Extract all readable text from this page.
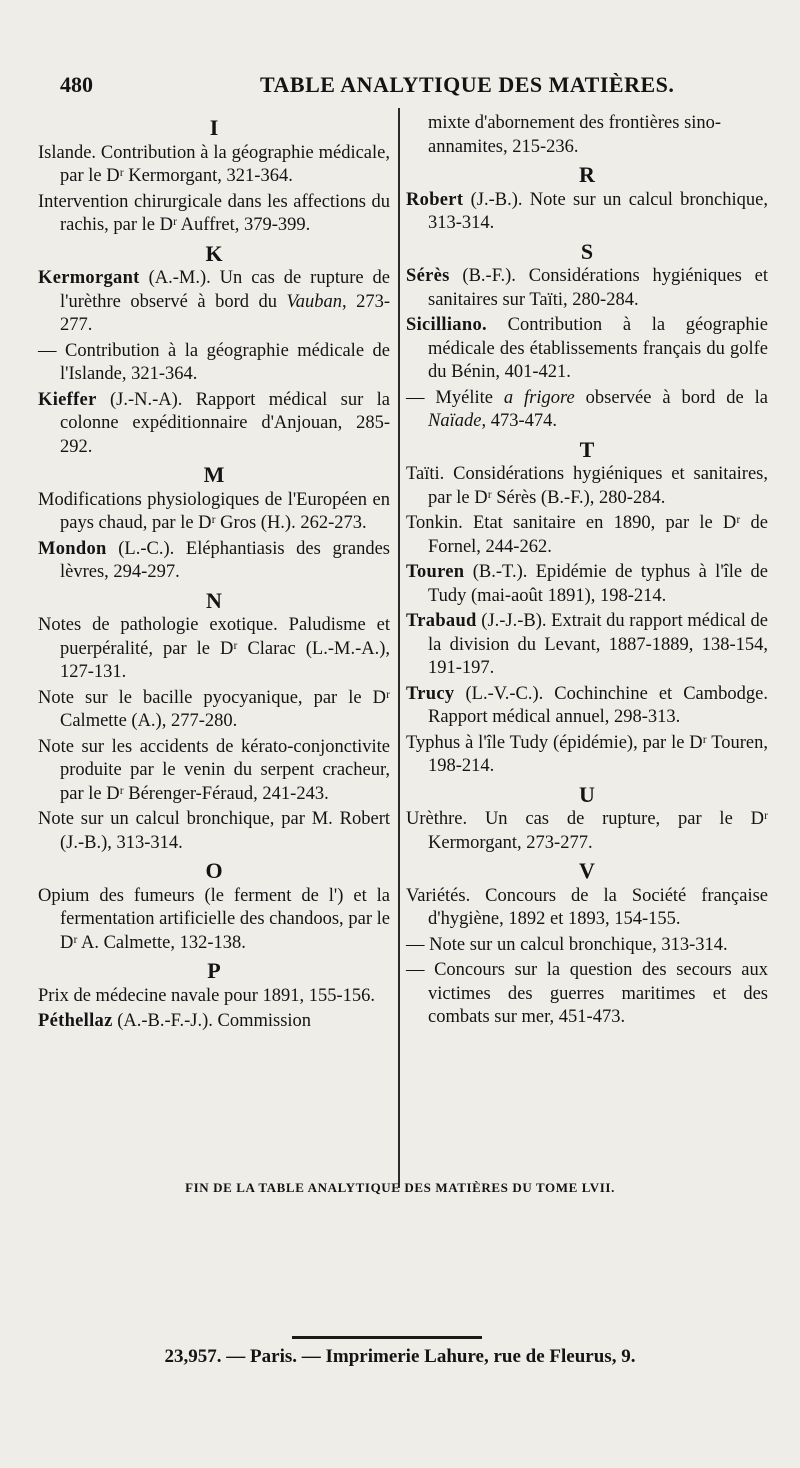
480	TABLE ANALYTIQUE DES MATIÈRES.
I
Islande. Contribution à la géographie médicale, par le Dʳ Kermorgant, 321-364.
Intervention chirurgicale dans les affections du rachis, par le Dʳ Auffret, 379-399.
K
Kermorgant (A.-M.). Un cas de rupture de l'urèthre observé à bord du Vauban, 273-277.
— Contribution à la géographie médicale de l'Islande, 321-364.
Kieffer (J.-N.-A). Rapport médical sur la colonne expéditionnaire d'Anjouan, 285-292.
M
Modifications physiologiques de l'Européen en pays chaud, par le Dʳ Gros (H.). 262-273.
Mondon (L.-C.). Eléphantiasis des grandes lèvres, 294-297.
N
Notes de pathologie exotique. Paludisme et puerpéralité, par le Dʳ Clarac (L.-M.-A.), 127-131.
Note sur le bacille pyocyanique, par le Dʳ Calmette (A.), 277-280.
Note sur les accidents de kérato-conjonctivite produite par le venin du serpent cracheur, par le Dʳ Bérenger-Féraud, 241-243.
Note sur un calcul bronchique, par M. Robert (J.-B.), 313-314.
O
Opium des fumeurs (le ferment de l') et la fermentation artificielle des chandoos, par le Dʳ A. Calmette, 132-138.
P
Prix de médecine navale pour 1891, 155-156.
Péthellaz (A.-B.-F.-J.). Commission
mixte d'abornement des frontières sino-annamites, 215-236.
R
Robert (J.-B.). Note sur un calcul bronchique, 313-314.
S
Sérès (B.-F.). Considérations hygiéniques et sanitaires sur Taïti, 280-284.
Sicilliano. Contribution à la géographie médicale des établissements français du golfe du Bénin, 401-421.
— Myélite a frigore observée à bord de la Naïade, 473-474.
T
Taïti. Considérations hygiéniques et sanitaires, par le Dʳ Sérès (B.-F.), 280-284.
Tonkin. Etat sanitaire en 1890, par le Dʳ de Fornel, 244-262.
Touren (B.-T.). Epidémie de typhus à l'île de Tudy (mai-août 1891), 198-214.
Trabaud (J.-J.-B). Extrait du rapport médical de la division du Levant, 1887-1889, 138-154, 191-197.
Trucy (L.-V.-C.). Cochinchine et Cambodge. Rapport médical annuel, 298-313.
Typhus à l'île Tudy (épidémie), par le Dʳ Touren, 198-214.
U
Urèthre. Un cas de rupture, par le Dʳ Kermorgant, 273-277.
V
Variétés. Concours de la Société française d'hygiène, 1892 et 1893, 154-155.
— Note sur un calcul bronchique, 313-314.
— Concours sur la question des secours aux victimes des guerres maritimes et des combats sur mer, 451-473.
FIN DE LA TABLE ANALYTIQUE DES MATIÈRES DU TOME LVII.
23,957. — Paris. — Imprimerie Lahure, rue de Fleurus, 9.
